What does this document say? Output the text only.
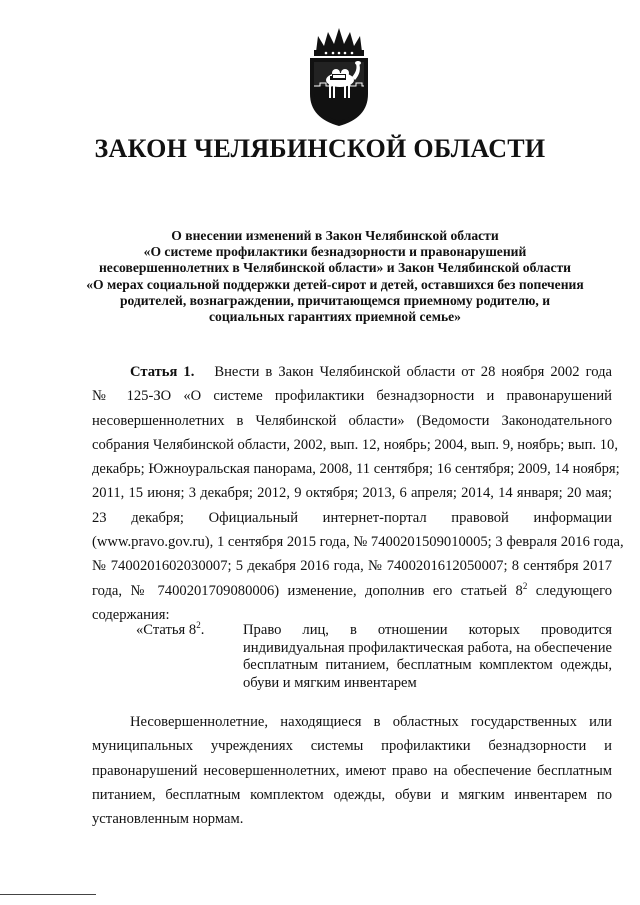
ЗАКОН ЧЕЛЯБИНСКОЙ ОБЛАСТИ
О внесении изменений в Закон Челябинской области
«О системе профилактики безнадзорности и правонарушений
несовершеннолетних в Челябинской области» и Закон Челябинской области
«О мерах социальной поддержки детей-сирот и детей, оставшихся без попечения
родителей, вознаграждении, причитающемся приемному родителю, и
социальных гарантиях приемной семье»
Статья 1. Внести в Закон Челябинской области от 28 ноября 2002 года
№ 125-ЗО «О системе профилактики безнадзорности и правонарушений
несовершеннолетних в Челябинской области» (Ведомости Законодательного
собрания Челябинской области, 2002, вып. 12, ноябрь; 2004, вып. 9, ноябрь; вып. 10,
декабрь; Южноуральская панорама, 2008, 11 сентября; 16 сентября; 2009, 14 ноября;
2011, 15 июня; 3 декабря; 2012, 9 октября; 2013, 6 апреля; 2014, 14 января; 20 мая;
23 декабря; Официальный интернет-портал правовой информации
(www.pravo.gov.ru), 1 сентября 2015 года, № 7400201509010005; 3 февраля 2016 года,
№ 7400201602030007; 5 декабря 2016 года, № 7400201612050007; 8 сентября 2017
года, № 7400201709080006) изменение, дополнив его статьей $8^2$ следующего
содержания:
«Статья $8^2$.	Право лиц, в отношении которых проводится
индивидуальная профилактическая работа, на обеспечение
бесплатным питанием, бесплатным комплектом одежды,
обуви и мягким инвентарем
Несовершеннолетние, находящиеся в областных государственных или
муниципальных учреждениях системы профилактики безнадзорности и
правонарушений несовершеннолетних, имеют право на обеспечение бесплатным
питанием, бесплатным комплектом одежды, обуви и мягким инвентарем по
установленным нормам.
